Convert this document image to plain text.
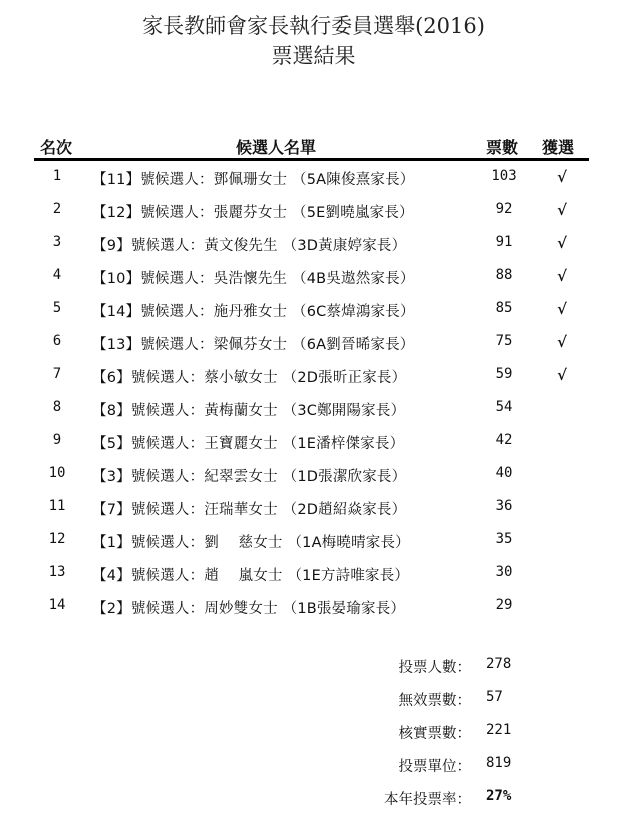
家長教師會家長執行委員選舉(2016)
票選結果
名次	候選人名單	票數 獲選
1	【11】號候選人：鄧佩珊女士 （5A陳俊熹家長）	103	√
2	【12】號候選人：張麗芬女士 （5E劉曉嵐家長）	92	√
3	【9】號候選人：黃文俊先生 （3D黃康婷家長）	91	√
4	【10】號候選人：吳浩懷先生 （4B吳遨然家長）	88	√
5	【14】號候選人：施丹雅女士 （6C蔡煒鴻家長）	85	√
6	【13】號候選人：梁佩芬女士 （6A劉晉晞家長）	75	√
7	【6】號候選人：蔡小敏女士 （2D張昕正家長）	59	√
8	【8】號候選人：黃梅蘭女士 （3C鄭開陽家長）	54
9	【5】號候選人：王寶麗女士 （1E潘梓傑家長）	42
10	【3】號候選人：紀翠雲女士 （1D張潔欣家長）	40
11	【7】號候選人：汪瑞華女士 （2D趙紹焱家長）	36
12	【1】號候選人：劉　 慈女士 （1A梅曉晴家長）	35
13	【4】號候選人：趙　 嵐女士 （1E方詩唯家長）	30
14	【2】號候選人：周妙雙女士 （1B張晏瑜家長）	29
投票人數： 278
無效票數： 57
核實票數： 221
投票單位： 819
本年投票率： 27%
